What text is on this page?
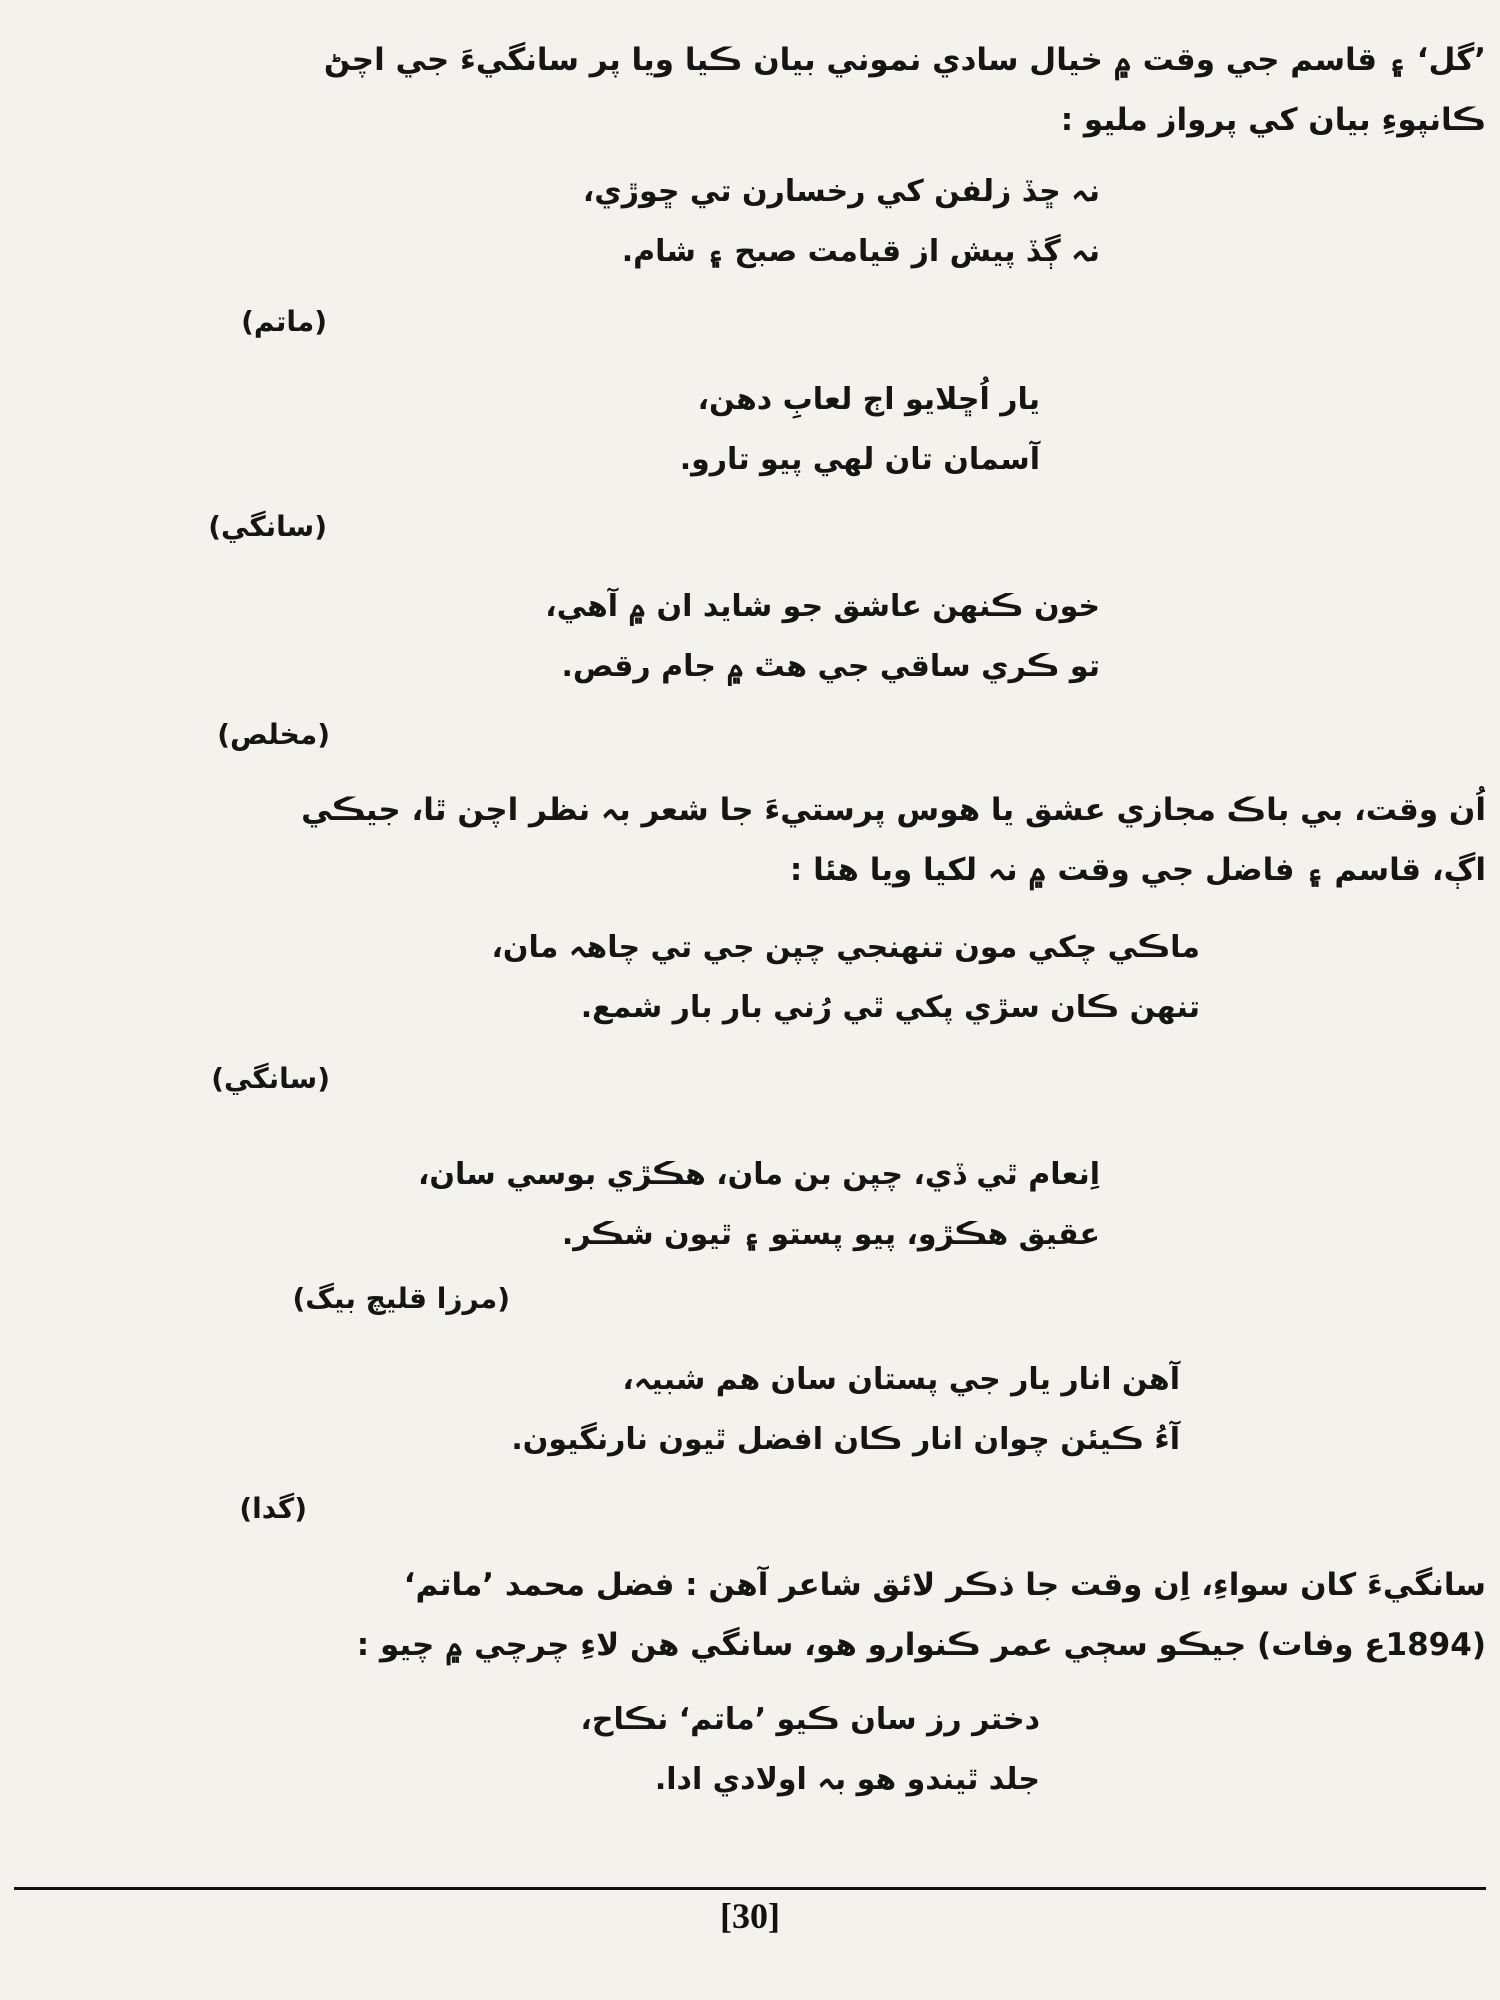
’گل‘ ۽ قاسم جي وقت ۾ خيال سادي نموني بيان ڪيا ويا پر سانگيءَ جي اچڻ
ڪانپوءِ بيان کي پرواز مليو :
نہ ڇڏ زلفن کي رخسارن تي ڇوڙي،
نہ ڳڏ پيش از قيامت صبح ۽ شام.
(ماتم)
يار اُڇلايو اڄ لعابِ دهن،
آسمان تان لهي پيو تارو.
(سانگي)
خون ڪنهن عاشق جو شايد ان ۾ آهي،
تو ڪري ساقي جي هٿ ۾ جام رقص.
(مخلص)
اُن وقت، بي باڪ مجازي عشق يا هوس پرستيءَ جا شعر بہ نظر اچن ٿا، جيڪي
اڳ، قاسم ۽ فاضل جي وقت ۾ نہ لکيا ويا هئا :
ماڪي چکي مون تنهنجي چپن جي تي چاهہ مان،
تنهن ڪان سڙي پکي ٿي رُني بار بار شمع.
(سانگي)
اِنعام ٿي ڏي، چپن بن مان، هڪڙي بوسي سان،
عقيق هڪڙو، پيو پستو ۽ ٿيون شڪر.
(مرزا قليچ بيگ)
آهن انار يار جي پستان سان هم شبيہ،
آءُ ڪيئن چوان انار ڪان افضل ٿيون نارنگيون.
(گدا)
سانگيءَ کان سواءِ، اِن وقت جا ذڪر لائق شاعر آهن : فضل محمد ’ماتم‘
(1894ع وفات) جيڪو سڄي عمر ڪنوارو هو، سانگي هن لاءِ چرچي ۾ چيو :
دختر رز سان ڪيو ’ماتم‘ نڪاح،
جلد ٿيندو هو بہ اولادي ادا.
[30]
